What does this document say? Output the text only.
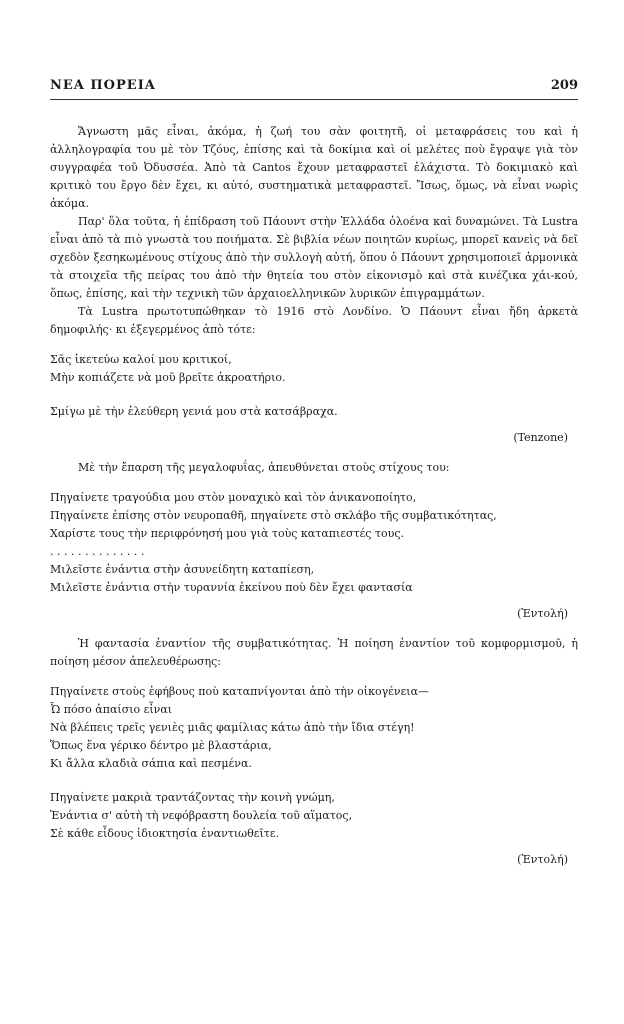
ΝΕΑ ΠΟΡΕΙΑ	209

Ἄγνωστη μᾶς εἶναι, ἀκόμα, ἡ ζωή του σὰν φοιτητῆ, οἱ μεταφράσεις του καὶ ἡ ἀλληλογραφία του μὲ τὸν Τζόυς, ἐπίσης καὶ τὰ δοκίμια καὶ οἱ μελέτες ποὺ ἔγραψε γιὰ τὸν συγγραφέα τοῦ Ὀδυσσέα. Ἀπὸ τὰ Cantos ἔχουν μεταφραστεῖ ἐλάχιστα. Τὸ δοκιμιακὸ καὶ κριτικὸ του ἔργο δὲν ἔχει, κι αὐτό, συστηματικὰ μεταφραστεῖ. Ἴσως, ὅμως, νὰ εἶναι νωρὶς ἀκόμα.

Παρ' ὅλα τοῦτα, ἡ ἐπίδραση τοῦ Πάουντ στὴν Ἑλλάδα ὁλοένα καὶ δυναμώνει. Τὰ Lustra εἶναι ἀπὸ τὰ πιὸ γνωστὰ του ποιήματα. Σὲ βιβλία νέων ποιητῶν κυρίως, μπορεῖ κανεὶς νὰ δεῖ σχεδὸν ξεσηκωμένους στίχους ἀπὸ τὴν συλλογὴ αὐτή, ὅπου ὁ Πάουντ χρησιμοποιεῖ ἁρμονικὰ τὰ στοιχεῖα τῆς πείρας του ἀπὸ τὴν θητεία του στὸν εἰκονισμὸ καὶ στὰ κινέζικα χάι-κού, ὅπως, ἐπίσης, καὶ τὴν τεχνικὴ τῶν ἀρχαιοελληνικῶν λυρικῶν ἐπιγραμμάτων.

Τὰ Lustra πρωτοτυπώθηκαν τὸ 1916 στὸ Λονδίνο. Ὁ Πάουντ εἶναι ἤδη ἀρκετὰ δημοφιλής· κι ἐξεγερμένος ἀπὸ τότε:

Σᾶς ἱκετεύω καλοί μου κριτικοί,

Μὴν κοπιάζετε νὰ μοῦ βρεῖτε ἀκροατήριο.

Σμίγω μὲ τὴν ἐλεύθερη γενιά μου στὰ κατσάβραχα.

(Tenzone)

Μὲ τὴν ἔπαρση τῆς μεγαλοφυΐας, ἀπευθύνεται στοὺς στίχους του:

Πηγαίνετε τραγούδια μου στὸν μοναχικὸ καὶ τὸν ἀνικανοποίητο,

Πηγαίνετε ἐπίσης στὸν νευροπαθῆ, πηγαίνετε στὸ σκλάβο τῆς συμβατικότητας,

Χαρίστε τους τὴν περιφρόνησή μου γιὰ τοὺς καταπιεστές τους.

. . . . . . . . . . . . . .

Μιλεῖστε ἐνάντια στὴν ἀσυνείδητη καταπίεση,

Μιλεῖστε ἐνάντια στὴν τυραννία ἐκείνου ποὺ δὲν ἔχει φαντασία

(Ἐντολή)

Ἡ φαντασία ἐναντίον τῆς συμβατικότητας. Ἡ ποίηση ἐναντίον τοῦ κομφορμισμοῦ, ἡ ποίηση μέσον ἀπελευθέρωσης:

Πηγαίνετε στοὺς ἐφήβους ποὺ καταπνίγονται ἀπὸ τὴν οἰκογένεια—

Ὦ πόσο ἀπαίσιο εἶναι

Νὰ βλέπεις τρεῖς γενιὲς μιᾶς φαμίλιας κάτω ἀπὸ τὴν ἴδια στέγη!

Ὅπως ἕνα γέρικο δέντρο μὲ βλαστάρια,

Κι ἄλλα κλαδιὰ σάπια καὶ πεσμένα.

Πηγαίνετε μακριὰ τραντάζοντας τὴν κοινὴ γνώμη,

Ἐνάντια σ' αὐτὴ τὴ νεφόβραστη δουλεία τοῦ αἵματος,

Σὲ κάθε εἶδους ἰδιοκτησία ἐναντιωθεῖτε.

(Ἐντολή)
